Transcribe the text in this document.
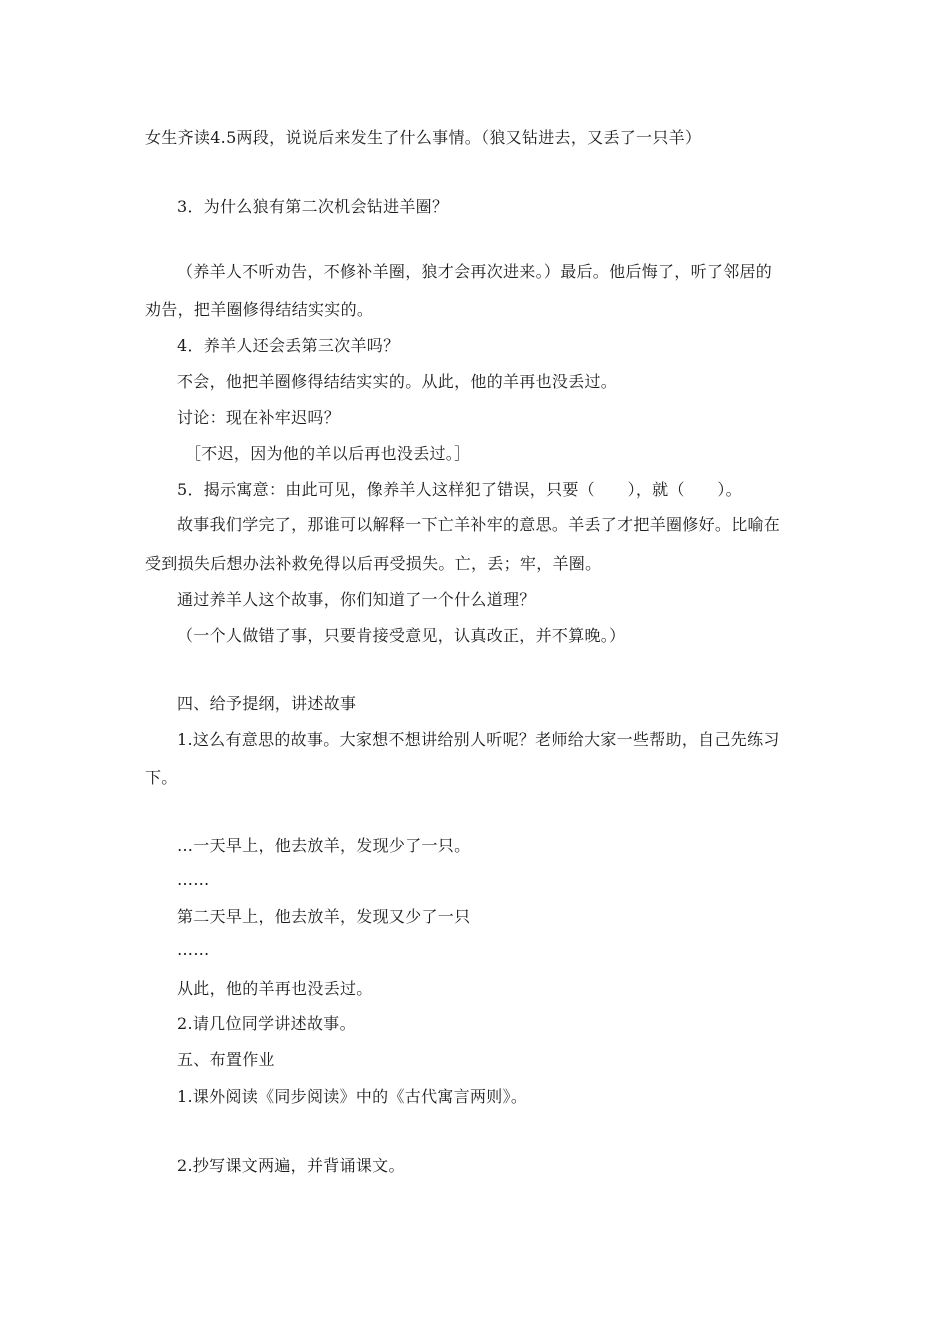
女生齐读4.5两段，说说后来发生了什么事情。（狼又钻进去，又丢了一只羊）
3．为什么狼有第二次机会钻进羊圈？
（养羊人不听劝告，不修补羊圈，狼才会再次进来。）最后。他后悔了，听了邻居的
劝告，把羊圈修得结结实实的。
4．养羊人还会丢第三次羊吗？
不会，他把羊圈修得结结实实的。从此，他的羊再也没丢过。
讨论：现在补牢迟吗？
［不迟，因为他的羊以后再也没丢过。］
5．揭示寓意：由此可见，像养羊人这样犯了错误，只要（　　），就（　　）。
故事我们学完了，那谁可以解释一下亡羊补牢的意思。羊丢了才把羊圈修好。比喻在
受到损失后想办法补救免得以后再受损失。亡，丢；牢，羊圈。
通过养羊人这个故事，你们知道了一个什么道理？
（一个人做错了事，只要肯接受意见，认真改正，并不算晚。）
四、给予提纲，讲述故事
1.这么有意思的故事。大家想不想讲给别人听呢？老师给大家一些帮助，自己先练习
下。
…一天早上，他去放羊，发现少了一只。
……
第二天早上，他去放羊，发现又少了一只
……
从此，他的羊再也没丢过。
2.请几位同学讲述故事。
五、布置作业
1.课外阅读《同步阅读》中的《古代寓言两则》。
2.抄写课文两遍，并背诵课文。
